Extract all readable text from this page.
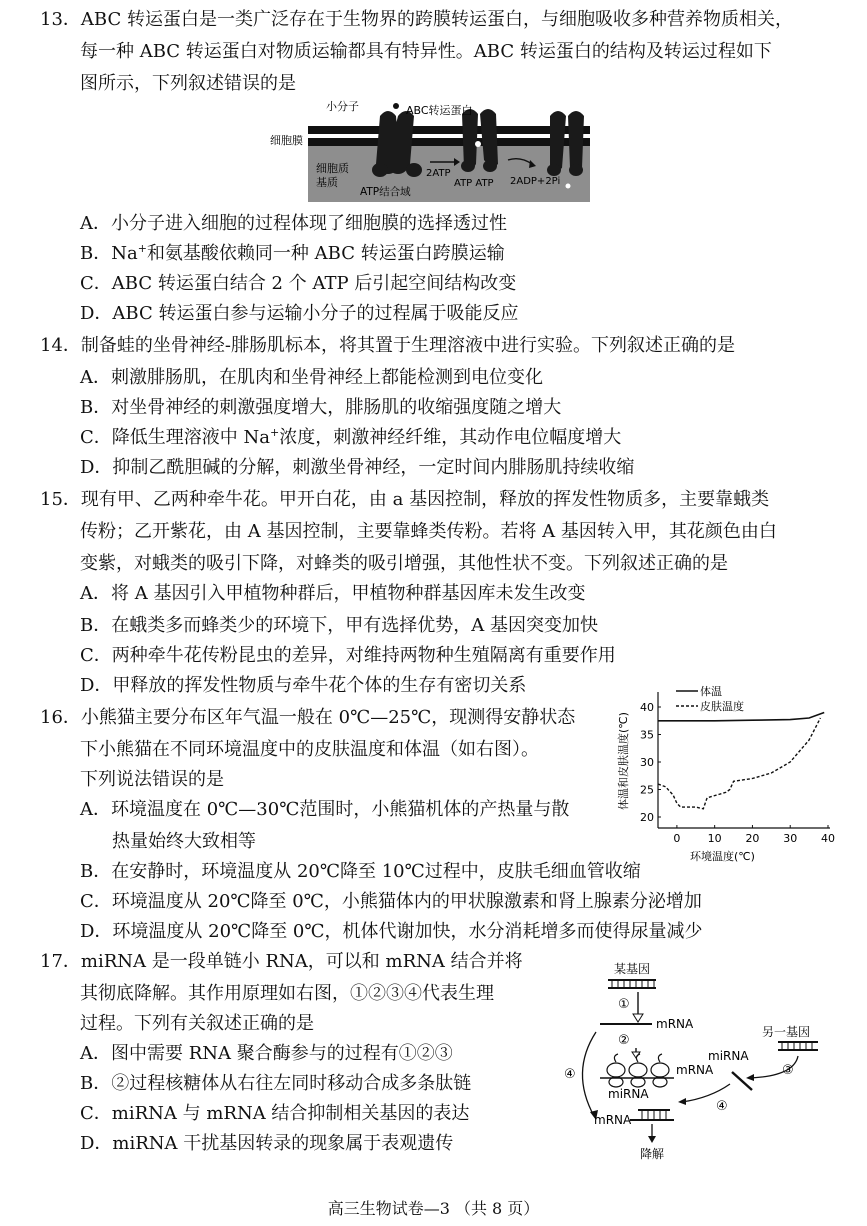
13．ABC 转运蛋白是一类广泛存在于生物界的跨膜转运蛋白，与细胞吸收多种营养物质相关，
每一种 ABC 转运蛋白对物质运输都具有特异性。ABC 转运蛋白的结构及转运过程如下
图所示，下列叙述错误的是
小分子	ABC转运蛋白
细胞膜
细胞质
基质
ATP结合域
2ATP
ATP ATP 2ADP+2Pi
A．小分子进入细胞的过程体现了细胞膜的选择透过性
B．Na+和氨基酸依赖同一种 ABC 转运蛋白跨膜运输
C．ABC 转运蛋白结合 2 个 ATP 后引起空间结构改变
D．ABC 转运蛋白参与运输小分子的过程属于吸能反应
14．制备蛙的坐骨神经-腓肠肌标本，将其置于生理溶液中进行实验。下列叙述正确的是
A．刺激腓肠肌，在肌肉和坐骨神经上都能检测到电位变化
B．对坐骨神经的刺激强度增大，腓肠肌的收缩强度随之增大
C．降低生理溶液中 Na+浓度，刺激神经纤维，其动作电位幅度增大
D．抑制乙酰胆碱的分解，刺激坐骨神经，一定时间内腓肠肌持续收缩
15．现有甲、乙两种牵牛花。甲开白花，由 a 基因控制，释放的挥发性物质多，主要靠蛾类
传粉；乙开紫花，由 A 基因控制，主要靠蜂类传粉。若将 A 基因转入甲，其花颜色由白
变紫，对蛾类的吸引下降，对蜂类的吸引增强，其他性状不变。下列叙述正确的是
A．将 A 基因引入甲植物种群后，甲植物种群基因库未发生改变
B．在蛾类多而蜂类少的环境下，甲有选择优势，A 基因突变加快
C．两种牵牛花传粉昆虫的差异，对维持两物种生殖隔离有重要作用
D．甲释放的挥发性物质与牵牛花个体的生存有密切关系
16．小熊猫主要分布区年气温一般在 0℃—25℃，现测得安静状态
下小熊猫在不同环境温度中的皮肤温度和体温（如右图）。
下列说法错误的是
A．环境温度在 0℃—30℃范围时，小熊猫机体的产热量与散
热量始终大致相等
B．在安静时，环境温度从 20℃降至 10℃过程中，皮肤毛细血管收缩
C．环境温度从 20℃降至 0℃，小熊猫体内的甲状腺激素和肾上腺素分泌增加
D．环境温度从 20℃降至 0℃，机体代谢加快，水分消耗增多而使得尿量减少
0 10 20 30 40
20
25
30
35
40
体温
皮肤温度
体温和皮肤温度(℃)
环境温度(℃)
17．miRNA 是一段单链小 RNA，可以和 mRNA 结合并将
其彻底降解。其作用原理如右图，①②③④代表生理
过程。下列有关叙述正确的是
A．图中需要 RNA 聚合酶参与的过程有①②③
B．②过程核糖体从右往左同时移动合成多条肽链
C．miRNA 与 mRNA 结合抑制相关基因的表达
D．miRNA 干扰基因转录的现象属于表观遗传
某基因
①
mRNA
②
mRNA
另一基因
③
miRNA
④
④
miRNA
mRNA
降解
高三生物试卷—3 （共 8 页）
